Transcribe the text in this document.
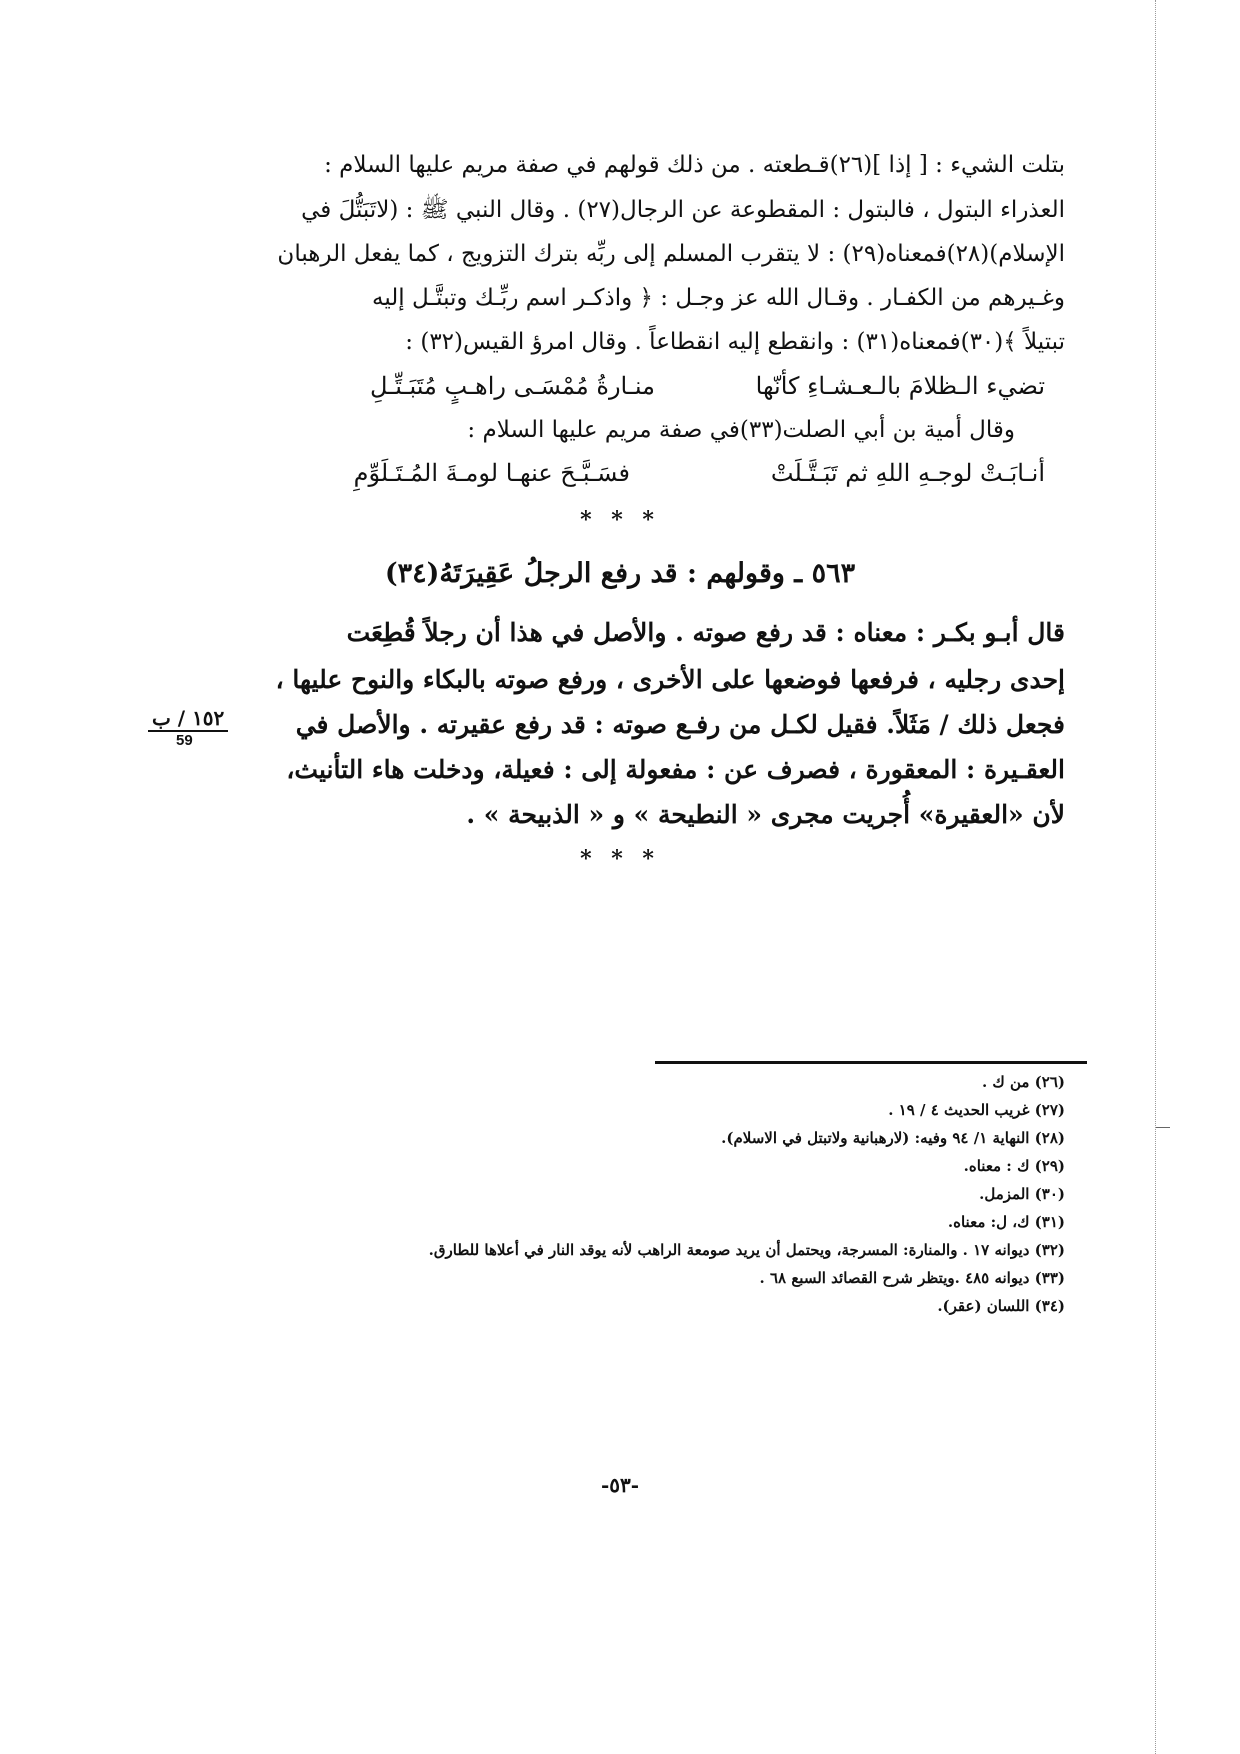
بتلت الشيء : [ إذا ](٢٦)قـطعته . من ذلك قولهم في صفة مريم عليها السلام :
العذراء البتول ، فالبتول : المقطوعة عن الرجال(٢٧) . وقال النبي ﷺ : (لاتَبَتُّلَ في
الإسلام)(٢٨)فمعناه(٢٩) : لا يتقرب المسلم إلى ربِّه بترك التزويج ، كما يفعل الرهبان
وغـيرهم من الكفـار . وقـال الله عز وجـل : ﴿ واذكـر اسم ربِّـك وتبتَّـل إليه
تبتيلاً ﴾(٣٠)فمعناه(٣١) : وانقطع إليه انقطاعاً . وقال امرؤ القيس(٣٢) :
تضيء الـظلامَ بالـعـشـاءِ كأنّها
منـارةُ مُمْسَـى راهـبٍ مُتَبَـتِّـلِ
وقال أمية بن أبي الصلت(٣٣)في صفة مريم عليها السلام :
أنـابَـتْ لوجـهِ اللهِ ثم تَبَـتَّـلَتْ
فسَـبَّـحَ عنهـا لومـةَ المُـتَـلَوِّمِ
* * *
٥٦٣ ـ وقولهم : قد رفع الرجلُ عَقِيرَتَهُ(٣٤)
قال أبـو بكـر : معناه : قد رفع صوته . والأصل في هذا أن رجلاً قُطِعَت
إحدى رجليه ، فرفعها فوضعها على الأخرى ، ورفع صوته بالبكاء والنوح عليها ،
فجعل ذلك / مَثَلاً. فقيل لكـل من رفـع صوته : قد رفع عقيرته . والأصل في
العقـيرة : المعقورة ، فصرف عن : مفعولة إلى : فعيلة، ودخلت هاء التأنيث،
لأن «العقيرة» أُجريت مجرى « النطيحة » و « الذبيحة » .
١٥٢ / ب
59
* * *
(٢٦) من ك .
(٢٧) غريب الحديث ٤ / ١٩ .
(٢٨) النهاية ١/ ٩٤ وفيه: (لارهبانية ولاتبتل في الاسلام).
(٢٩) ك : معناه.
(٣٠) المزمل.
(٣١) ك، ل: معناه.
(٣٢) ديوانه ١٧ . والمنارة: المسرجة، ويحتمل أن يريد صومعة الراهب لأنه يوقد النار في أعلاها للطارق.
(٣٣) ديوانه ٤٨٥ .ويتظر شرح القصائد السبع ٦٨ .
(٣٤) اللسان (عقر).
-٥٣-
